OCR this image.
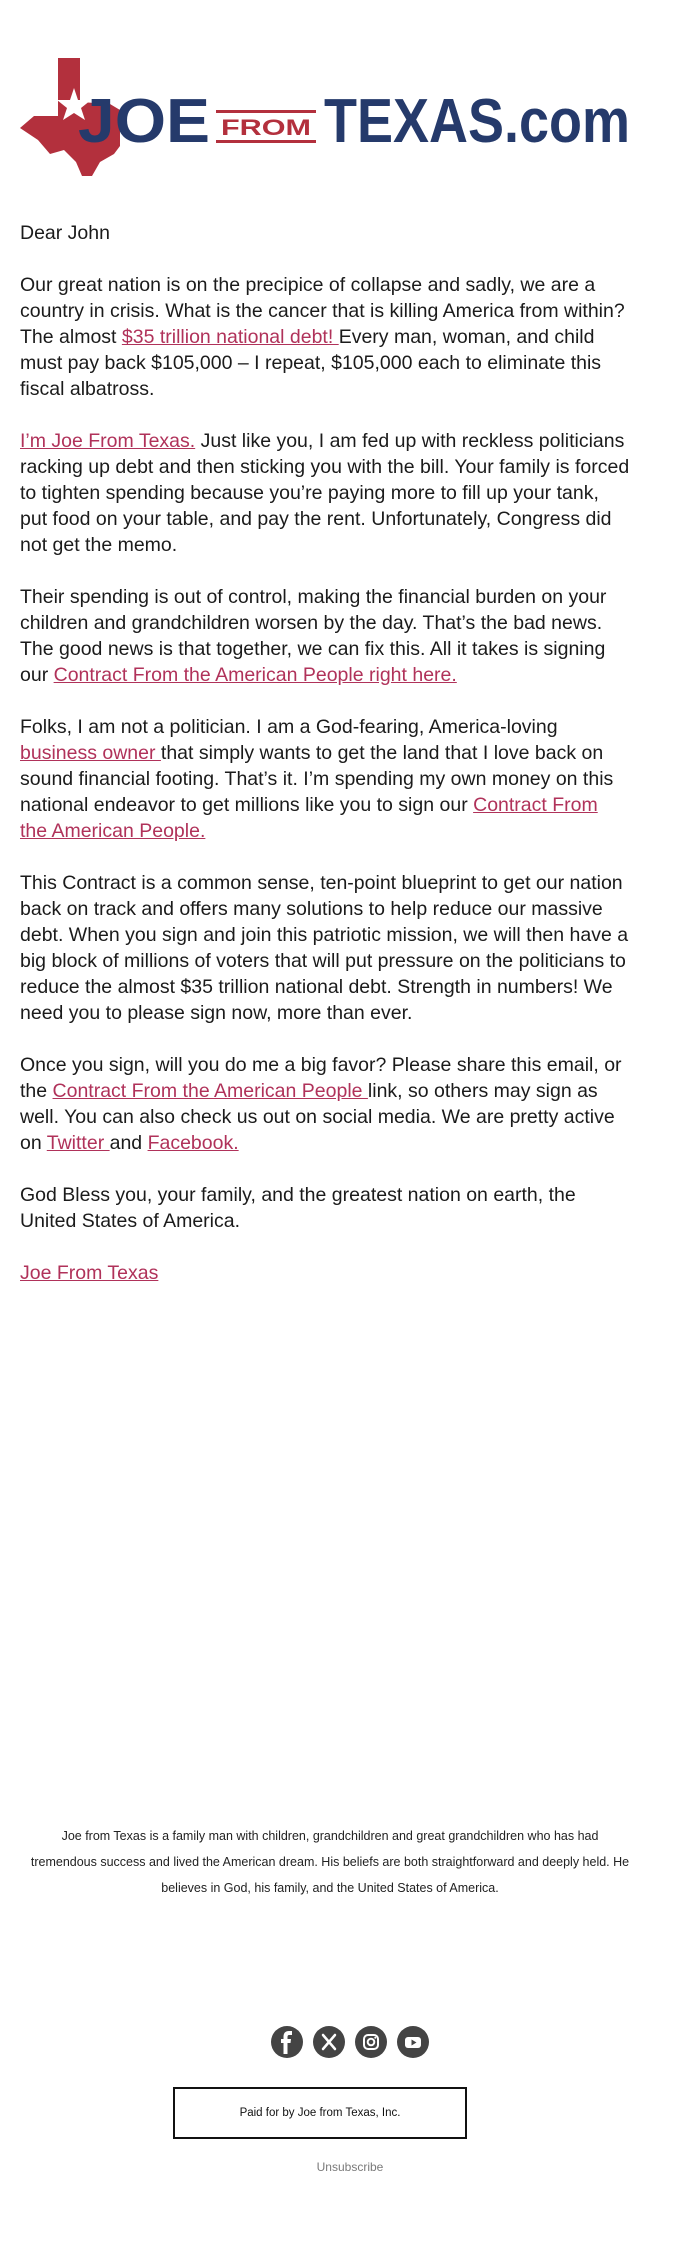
JOE FROM TEXAS.com

Dear John

Our great nation is on the precipice of collapse and sadly, we are a country in crisis. What is the cancer that is killing America from within? The almost $35 trillion national debt! Every man, woman, and child must pay back $105,000 – I repeat, $105,000 each to eliminate this fiscal albatross.

I’m Joe From Texas. Just like you, I am fed up with reckless politicians racking up debt and then sticking you with the bill. Your family is forced to tighten spending because you’re paying more to fill up your tank, put food on your table, and pay the rent. Unfortunately, Congress did not get the memo.

Their spending is out of control, making the financial burden on your children and grandchildren worsen by the day. That’s the bad news. The good news is that together, we can fix this. All it takes is signing our Contract From the American People right here.

Folks, I am not a politician. I am a God-fearing, America-loving business owner that simply wants to get the land that I love back on sound financial footing. That’s it. I’m spending my own money on this national endeavor to get millions like you to sign our Contract From the American People.

This Contract is a common sense, ten-point blueprint to get our nation back on track and offers many solutions to help reduce our massive debt. When you sign and join this patriotic mission, we will then have a big block of millions of voters that will put pressure on the politicians to reduce the almost $35 trillion national debt. Strength in numbers! We need you to please sign now, more than ever.

Once you sign, will you do me a big favor? Please share this email, or the Contract From the American People link, so others may sign as well. You can also check us out on social media. We are pretty active on Twitter and Facebook.

God Bless you, your family, and the greatest nation on earth, the United States of America.

Joe From Texas

Joe from Texas is a family man with children, grandchildren and great grandchildren who has had tremendous success and lived the American dream. His beliefs are both straightforward and deeply held. He believes in God, his family, and the United States of America.
Paid for by Joe from Texas, Inc.
Unsubscribe
